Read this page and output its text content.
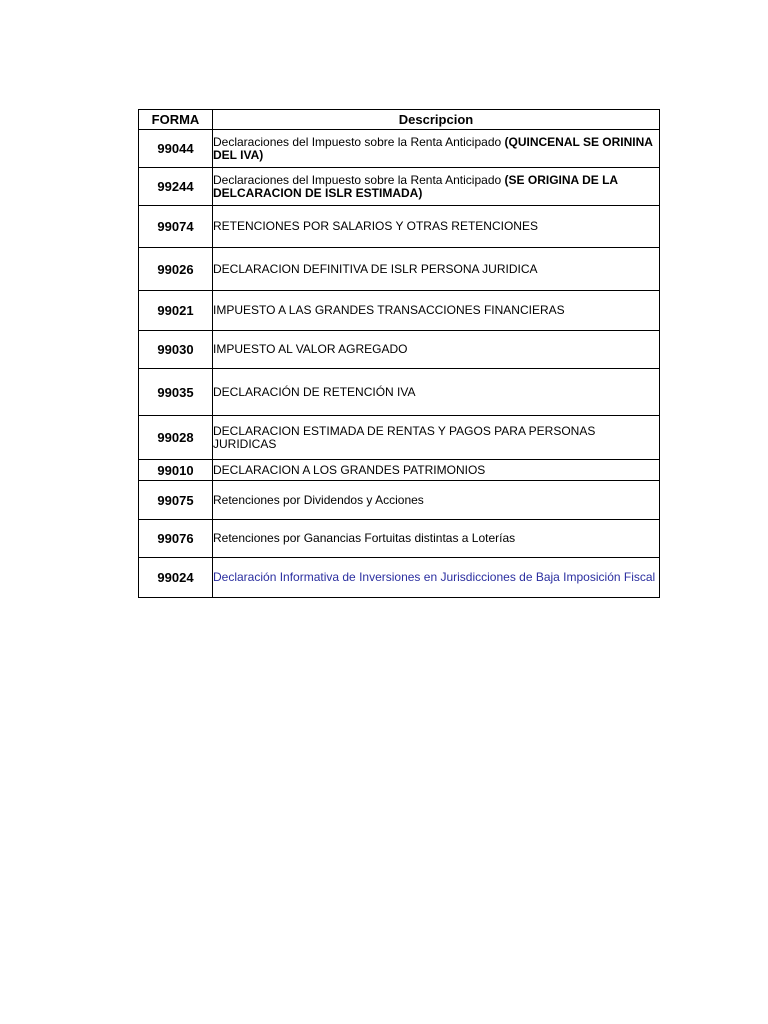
FORMA	Descripcion
99044	Declaraciones del Impuesto sobre la Renta Anticipado (QUINCENAL SE ORININA DEL IVA)
99244	Declaraciones del Impuesto sobre la Renta Anticipado (SE ORIGINA DE LA DELCARACION DE ISLR ESTIMADA)
99074	RETENCIONES POR SALARIOS Y OTRAS RETENCIONES
99026	DECLARACION DEFINITIVA DE ISLR PERSONA JURIDICA
99021	IMPUESTO A LAS GRANDES TRANSACCIONES FINANCIERAS
99030	IMPUESTO AL VALOR AGREGADO
99035	DECLARACIÓN DE RETENCIÓN IVA
99028	DECLARACION ESTIMADA DE RENTAS Y PAGOS PARA PERSONAS JURIDICAS
99010	DECLARACION A LOS GRANDES PATRIMONIOS
99075	Retenciones por Dividendos y Acciones
99076	Retenciones por Ganancias Fortuitas distintas a Loterías
99024	Declaración Informativa de Inversiones en Jurisdicciones de Baja Imposición Fiscal
